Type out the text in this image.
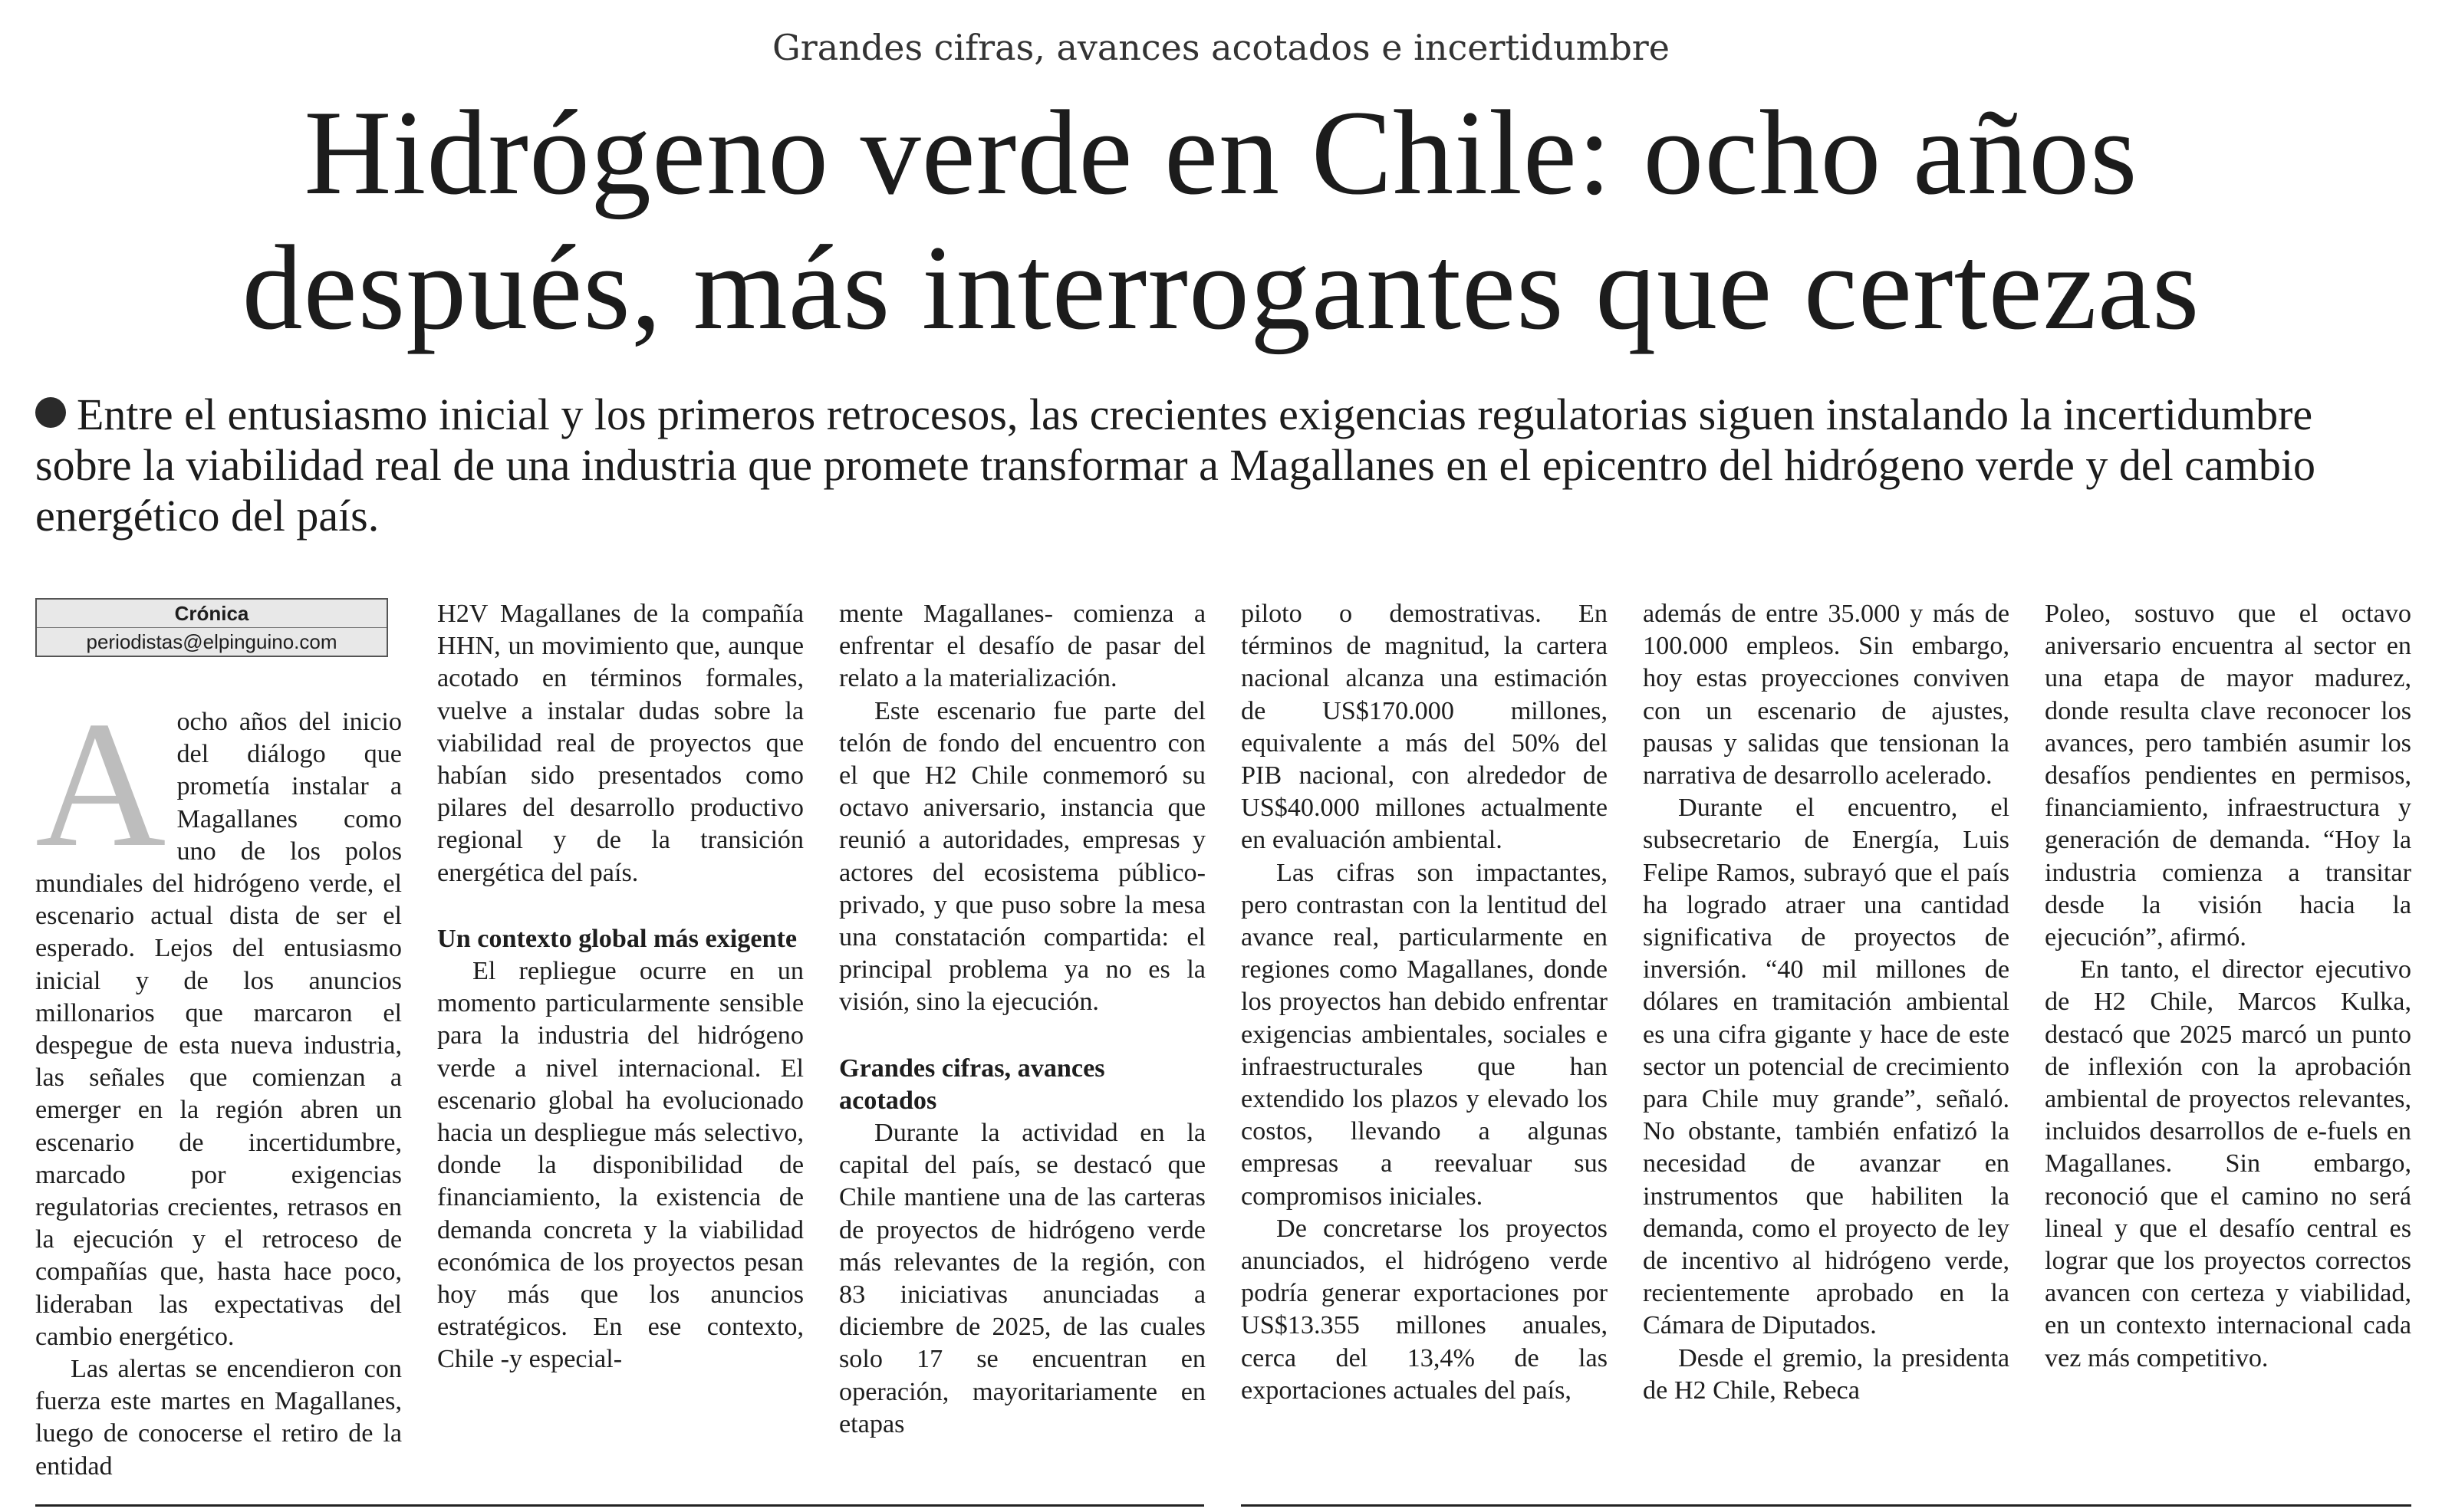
Grandes cifras, avances acotados e incertidumbre
Hidrógeno verde en Chile: ocho años
después, más interrogantes que certezas

Entre el entusiasmo inicial y los primeros retrocesos, las crecientes exigencias regulatorias siguen instalando la incertidumbre sobre la viabilidad real de una industria que promete transformar a Magallanes en el epicentro del hidrógeno verde y del cambio energético del país.

Crónica
periodistas@elpinguino.com
A ocho años del inicio del diálogo que prometía instalar a Magallanes como uno de los polos mundiales del hidrógeno verde, el escenario actual dista de ser el esperado. Lejos del entusiasmo inicial y de los anuncios millonarios que marcaron el despegue de esta nueva industria, las señales que comienzan a emerger en la región abren un escenario de incertidumbre, marcado por exigencias regulatorias crecientes, retrasos en la ejecución y el retroceso de compañías que, hasta hace poco, lideraban las expectativas del cambio energético.

Las alertas se encendieron con fuerza este martes en Magallanes, luego de conocerse el retiro de la entidad

H2V Magallanes de la compañía HHN, un movimiento que, aunque acotado en términos formales, vuelve a instalar dudas sobre la viabilidad real de proyectos que habían sido presentados como pilares del desarrollo productivo regional y de la transición energética del país.

Un contexto global más exigente

El repliegue ocurre en un momento particularmente sensible para la industria del hidrógeno verde a nivel internacional. El escenario global ha evolucionado hacia un despliegue más selectivo, donde la disponibilidad de financiamiento, la existencia de demanda concreta y la viabilidad económica de los proyectos pesan hoy más que los anuncios estratégicos. En ese contexto, Chile -y especial-

mente Magallanes- comienza a enfrentar el desafío de pasar del relato a la materialización.

Este escenario fue parte del telón de fondo del encuentro con el que H2 Chile conmemoró su octavo aniversario, instancia que reunió a autoridades, empresas y actores del ecosistema público-privado, y que puso sobre la mesa una constatación compartida: el principal problema ya no es la visión, sino la ejecución.

Grandes cifras, avances acotados

Durante la actividad en la capital del país, se destacó que Chile mantiene una de las carteras de proyectos de hidrógeno verde más relevantes de la región, con 83 iniciativas anunciadas a diciembre de 2025, de las cuales solo 17 se encuentran en operación, mayoritariamente en etapas

piloto o demostrativas. En términos de magnitud, la cartera nacional alcanza una estimación de US$170.000 millones, equivalente a más del 50% del PIB nacional, con alrededor de US$40.000 millones actualmente en evaluación ambiental.

Las cifras son impactantes, pero contrastan con la lentitud del avance real, particularmente en regiones como Magallanes, donde los proyectos han debido enfrentar exigencias ambientales, sociales e infraestructurales que han extendido los plazos y elevado los costos, llevando a algunas empresas a reevaluar sus compromisos iniciales.

De concretarse los proyectos anunciados, el hidrógeno verde podría generar exportaciones por US$13.355 millones anuales, cerca del 13,4% de las exportaciones actuales del país,

además de entre 35.000 y más de 100.000 empleos. Sin embargo, hoy estas proyecciones conviven con un escenario de ajustes, pausas y salidas que tensionan la narrativa de desarrollo acelerado.

Durante el encuentro, el subsecretario de Energía, Luis Felipe Ramos, subrayó que el país ha logrado atraer una cantidad significativa de proyectos de inversión. “40 mil millones de dólares en tramitación ambiental es una cifra gigante y hace de este sector un potencial de crecimiento para Chile muy grande”, señaló. No obstante, también enfatizó la necesidad de avanzar en instrumentos que habiliten la demanda, como el proyecto de ley de incentivo al hidrógeno verde, recientemente aprobado en la Cámara de Diputados.

Desde el gremio, la presidenta de H2 Chile, Rebeca

Poleo, sostuvo que el octavo aniversario encuentra al sector en una etapa de mayor madurez, donde resulta clave reconocer los avances, pero también asumir los desafíos pendientes en permisos, financiamiento, infraestructura y generación de demanda. “Hoy la industria comienza a transitar desde la visión hacia la ejecución”, afirmó.

En tanto, el director ejecutivo de H2 Chile, Marcos Kulka, destacó que 2025 marcó un punto de inflexión con la aprobación ambiental de proyectos relevantes, incluidos desarrollos de e-fuels en Magallanes. Sin embargo, reconoció que el camino no será lineal y que el desafío central es lograr que los proyectos correctos avancen con certeza y viabilidad, en un contexto internacional cada vez más competitivo.
